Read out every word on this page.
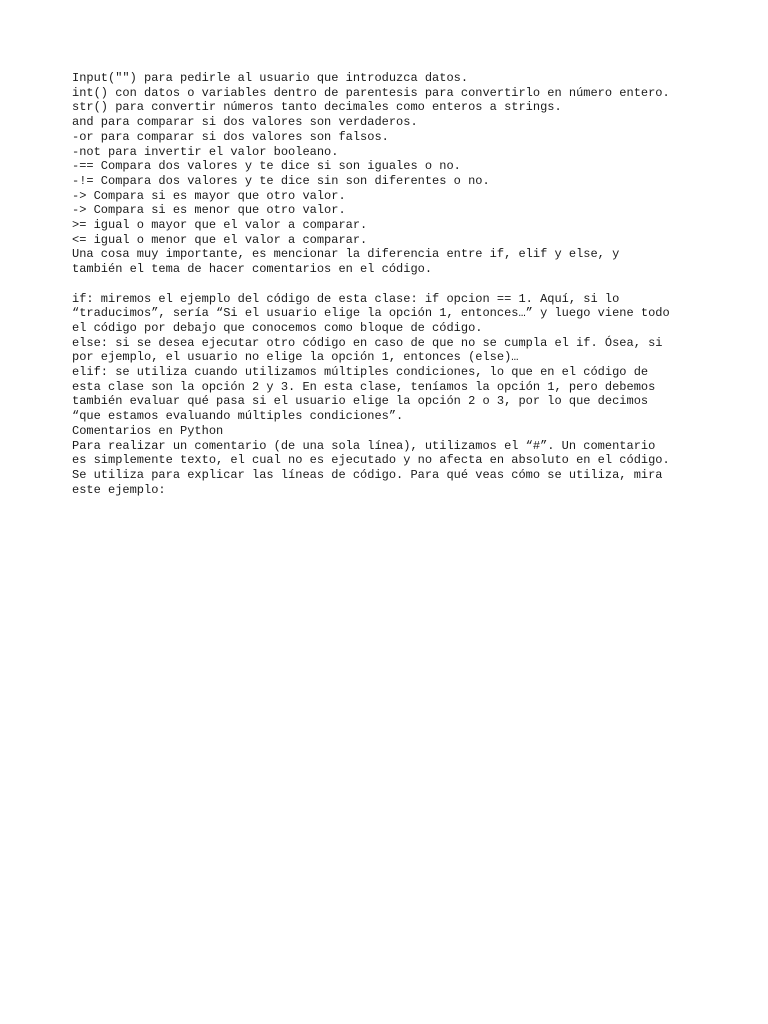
Input("") para pedirle al usuario que introduzca datos.
int() con datos o variables dentro de parentesis para convertirlo en número entero.
str() para convertir números tanto decimales como enteros a strings.
and para comparar si dos valores son verdaderos.
-or para comparar si dos valores son falsos.
-not para invertir el valor booleano.
-== Compara dos valores y te dice si son iguales o no.
-!= Compara dos valores y te dice sin son diferentes o no.
-> Compara si es mayor que otro valor.
-> Compara si es menor que otro valor.
>= igual o mayor que el valor a comparar.
<= igual o menor que el valor a comparar.
Una cosa muy importante, es mencionar la diferencia entre if, elif y else, y
también el tema de hacer comentarios en el código.
if: miremos el ejemplo del código de esta clase: if opcion == 1. Aquí, si lo
“traducimos”, sería “Si el usuario elige la opción 1, entonces…” y luego viene todo
el código por debajo que conocemos como bloque de código.
else: si se desea ejecutar otro código en caso de que no se cumpla el if. Ósea, si
por ejemplo, el usuario no elige la opción 1, entonces (else)…
elif: se utiliza cuando utilizamos múltiples condiciones, lo que en el código de
esta clase son la opción 2 y 3. En esta clase, teníamos la opción 1, pero debemos
también evaluar qué pasa si el usuario elige la opción 2 o 3, por lo que decimos
“que estamos evaluando múltiples condiciones”.
Comentarios en Python
Para realizar un comentario (de una sola línea), utilizamos el “#”. Un comentario
es simplemente texto, el cual no es ejecutado y no afecta en absoluto en el código.
Se utiliza para explicar las líneas de código. Para qué veas cómo se utiliza, mira
este ejemplo:
